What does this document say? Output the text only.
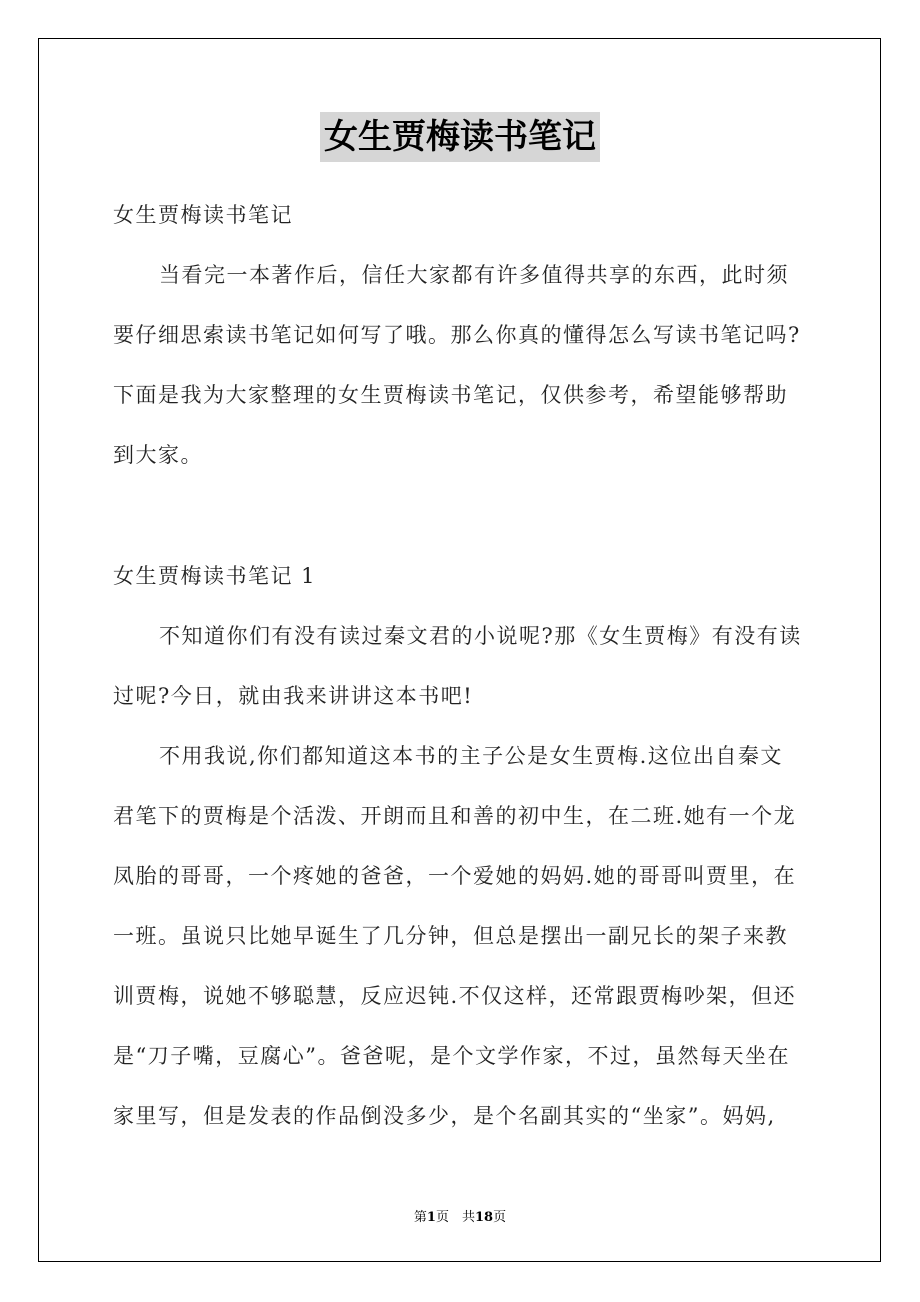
女生贾梅读书笔记
女生贾梅读书笔记
当看完一本著作后，信任大家都有许多值得共享的东西，此时须
要仔细思索读书笔记如何写了哦。那么你真的懂得怎么写读书笔记吗?
下面是我为大家整理的女生贾梅读书笔记，仅供参考，希望能够帮助
到大家。
女生贾梅读书笔记 1
不知道你们有没有读过秦文君的小说呢?那《女生贾梅》有没有读
过呢?今日，就由我来讲讲这本书吧!
不用我说,你们都知道这本书的主子公是女生贾梅.这位出自秦文
君笔下的贾梅是个活泼、开朗而且和善的初中生，在二班.她有一个龙
凤胎的哥哥，一个疼她的爸爸，一个爱她的妈妈.她的哥哥叫贾里，在
一班。虽说只比她早诞生了几分钟，但总是摆出一副兄长的架子来教
训贾梅，说她不够聪慧，反应迟钝.不仅这样，还常跟贾梅吵架，但还
是“刀子嘴，豆腐心”。爸爸呢，是个文学作家，不过，虽然每天坐在
家里写，但是发表的作品倒没多少，是个名副其实的“坐家”。妈妈,
第1页　共18页
